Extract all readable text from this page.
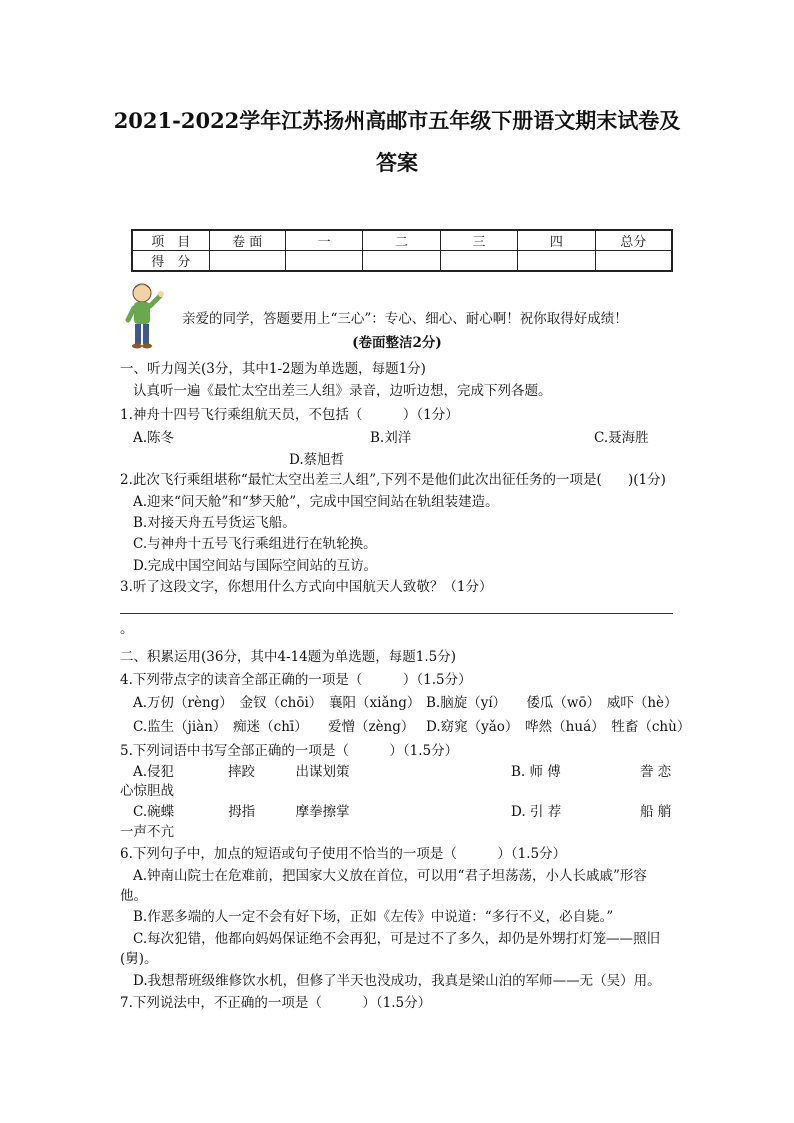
2021-2022学年江苏扬州高邮市五年级下册语文期末试卷及
答案
项　目	卷 面	一	二	三	四	总分
得　分						
亲爱的同学，答题要用上“三心”：专心、细心、耐心啊！祝你取得好成绩！
(卷面整洁2分)
一、听力闯关(3分，其中1-2题为单选题，每题1分)
认真听一遍《最忙太空出差三人组》录音，边听边想，完成下列各题。
1.神舟十四号飞行乘组航天员，不包括（　　　）（1分）
A.陈冬	B.刘洋	C.聂海胜
D.蔡旭哲
2.此次飞行乘组堪称“最忙太空出差三人组”,下列不是他们此次出征任务的一项是( )(1分)
A.迎来“问天舱”和“梦天舱”，完成中国空间站在轨组装建造。
B.对接天舟五号货运飞船。
C.与神舟十五号飞行乘组进行在轨轮换。
D.完成中国空间站与国际空间站的互访。
3.听了这段文字，你想用什么方式向中国航天人致敬？（1分）
。
二、积累运用(36分，其中4-14题为单选题，每题1.5分)
4.下列带点字的读音全部正确的一项是（　　　）（1.5分）
A.万仞（rèng）　金钗（chōi）　襄阳（xiǎng） B.脑旋（yí）　　倭瓜（wō）　威吓（hè）
C.监生（jiàn）　痴迷（chī）　　爱憎（zèng） D.窈窕（yǎo）　哗然（huá）　牲畜（chù）
5.下列词语中书写全部正确的一项是（　　　）（1.5分）
A.侵犯　　　　摔跤　　　出谋划策	B. 师 傅	誊 恋
心惊胆战
C.碗蝶　　　　拇指　　　摩拳擦掌	D. 引 荐	船 艄
一声不亢
6.下列句子中，加点的短语或句子使用不恰当的一项是（　　　）（1.5分）
A.钟南山院士在危难前，把国家大义放在首位，可以用“君子坦荡荡，小人长戚戚”形容
他。
B.作恶多端的人一定不会有好下场，正如《左传》中说道：“多行不义，必自毙。”
C.每次犯错，他都向妈妈保证绝不会再犯，可是过不了多久，却仍是外甥打灯笼——照旧
(舅)。
D.我想帮班级维修饮水机，但修了半天也没成功，我真是梁山泊的军师——无（吴）用。
7.下列说法中，不正确的一项是（　　　）（1.5分）
